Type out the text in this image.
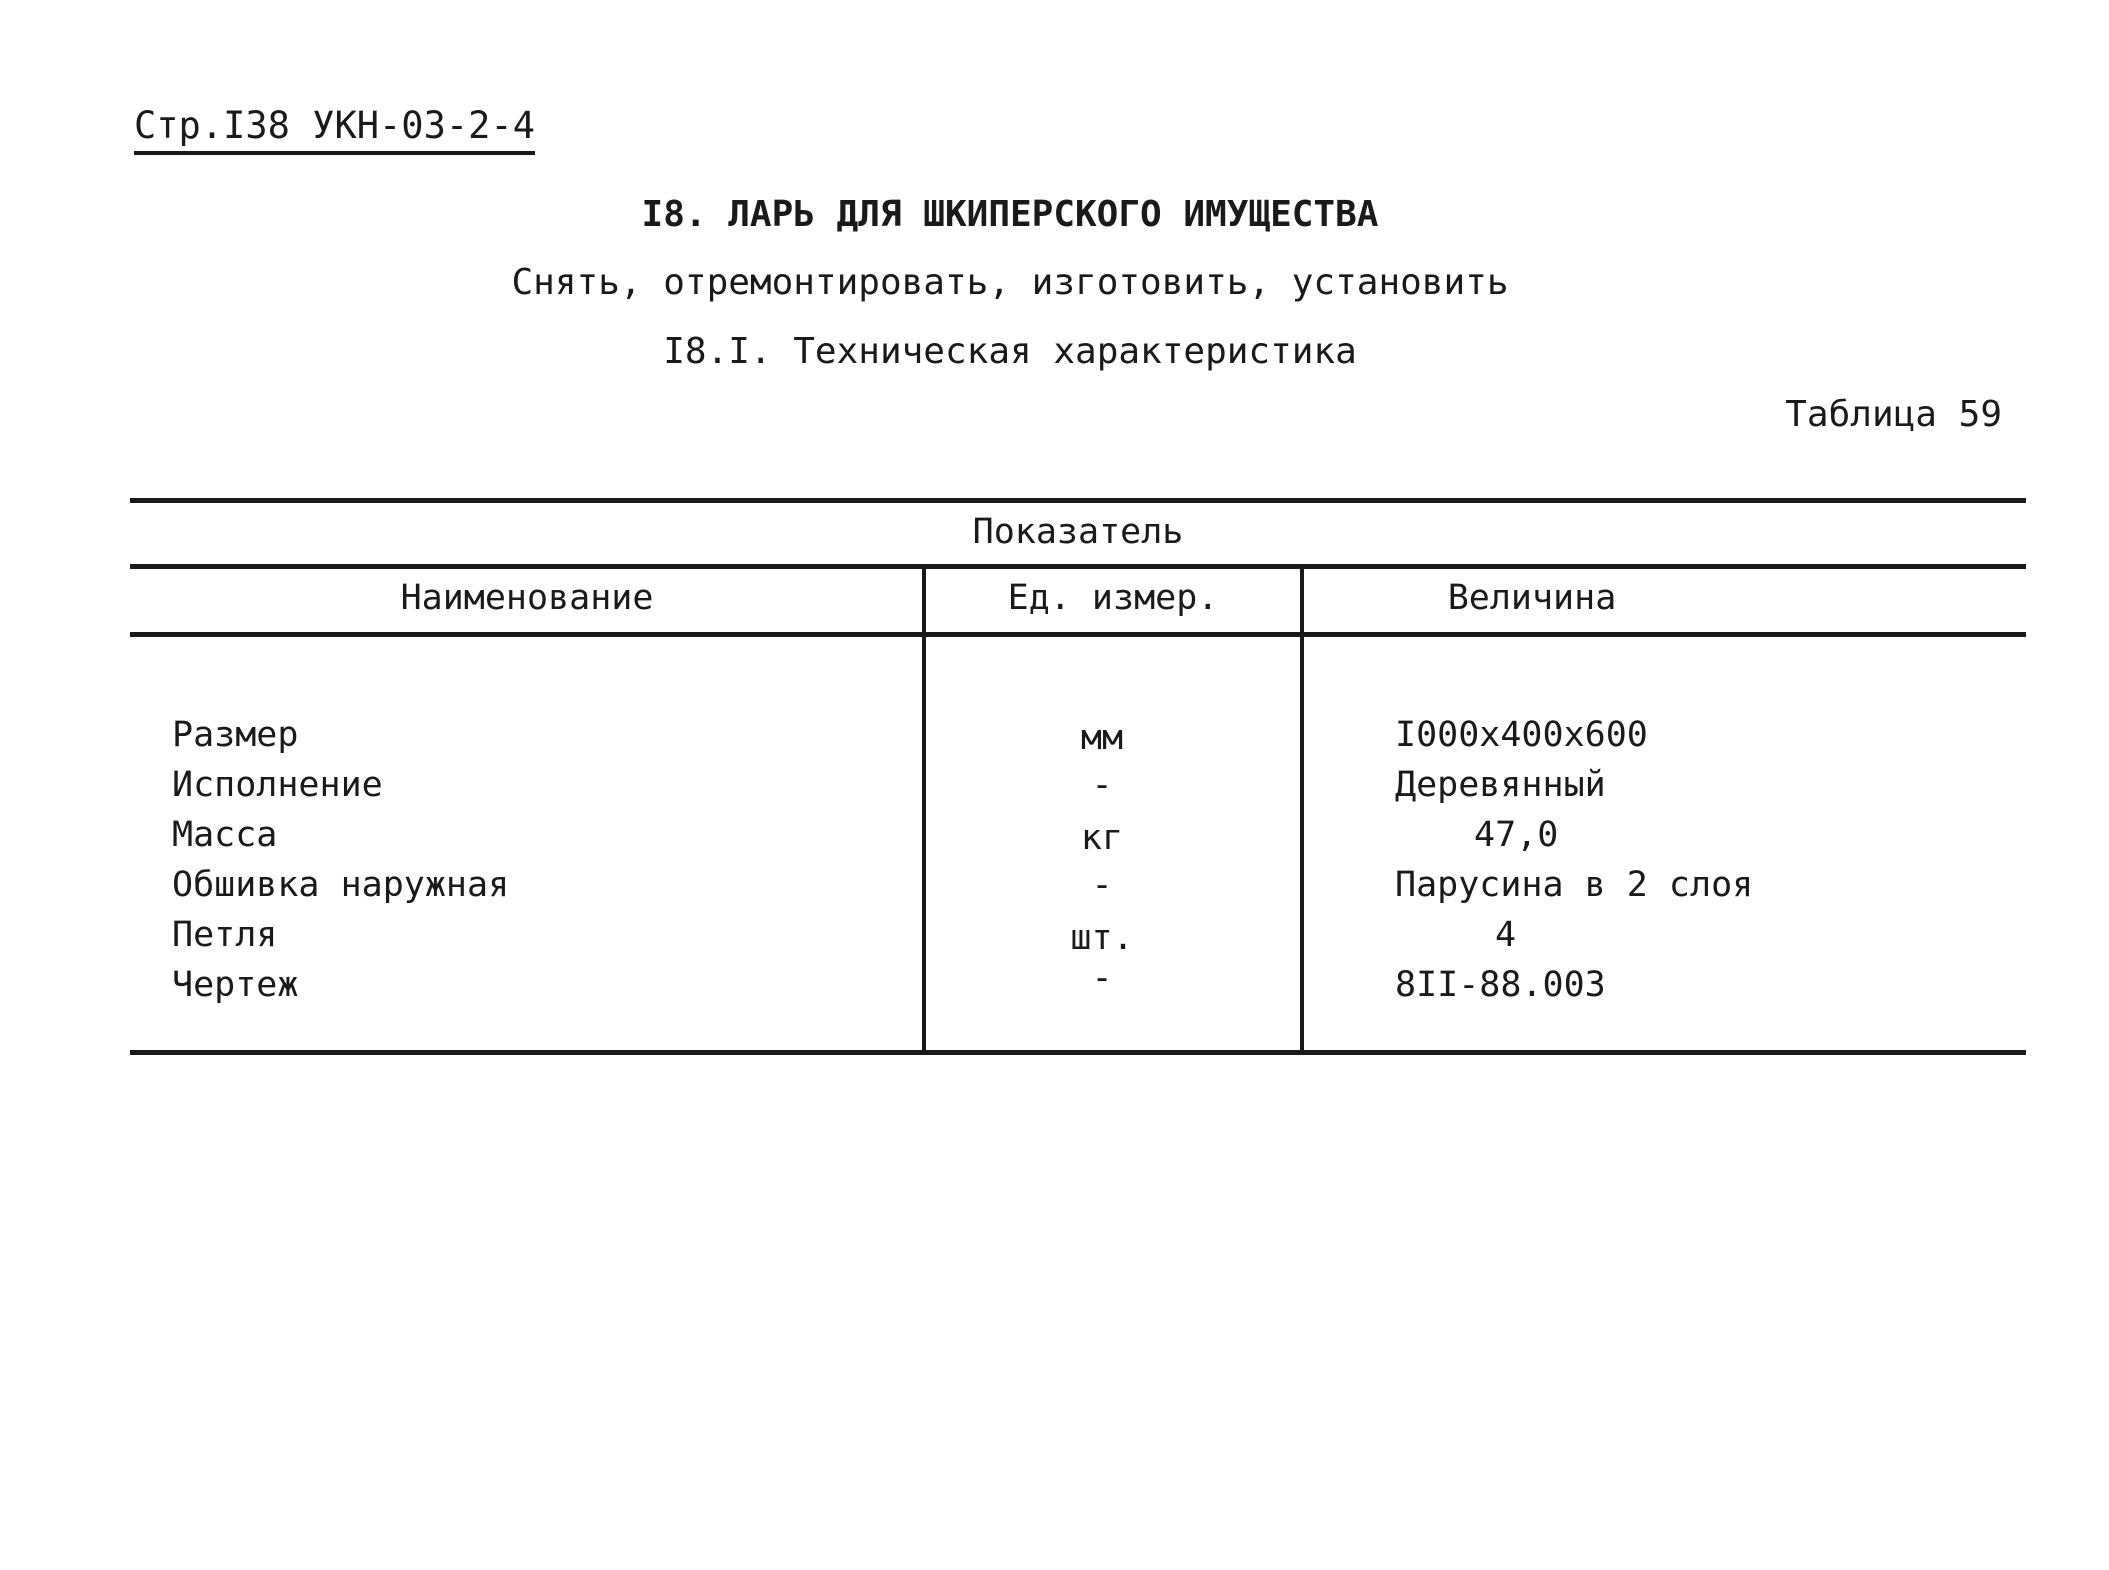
Стр.I38 УКН-03-2-4
I8. ЛАРЬ ДЛЯ ШКИПЕРСКОГО ИМУЩЕСТВА
Снять, отремонтировать, изготовить, установить
I8.I. Техническая характеристика
Таблица 59
Показатель
Наименование	Ед. измер.	Величина
Размер	мм	I000х400х600
Исполнение	-	Деревянный
Масса	кг	47,0
Обшивка наружная	-	Парусина в 2 слоя
Петля	шт.	4
Чертеж	-	8II-88.003
